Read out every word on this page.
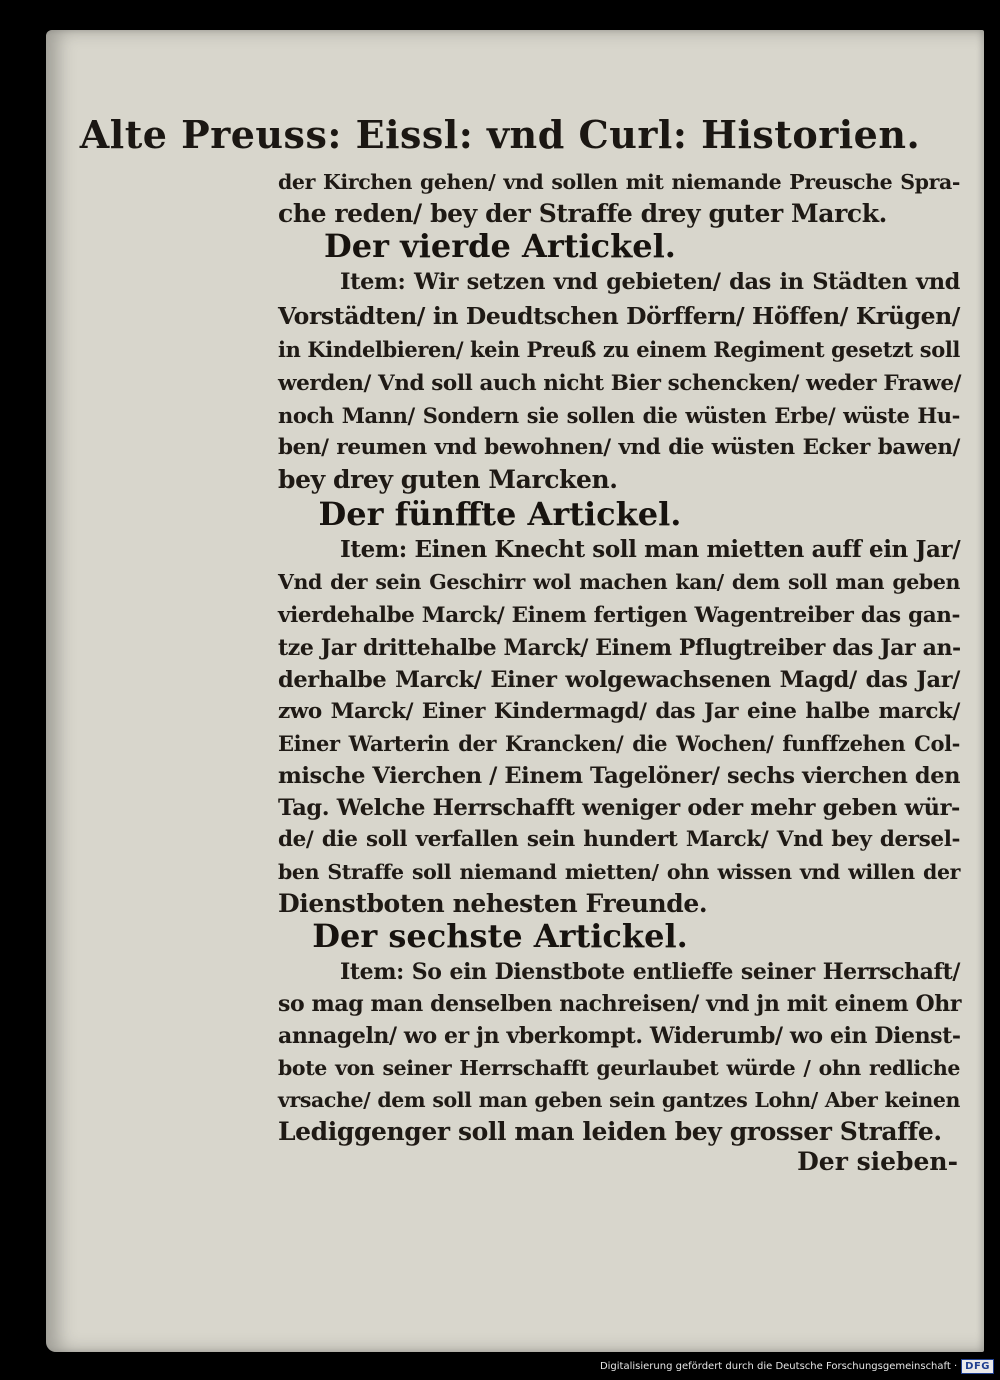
Alte Preuss: Eissl: vnd Curl: Historien.
der Kirchen gehen/ vnd sollen mit niemande Preusche Spra-
che reden/ bey der Straffe drey guter Marck.
Der vierde Artickel.
Item: Wir setzen vnd gebieten/ das in Städten vnd
Vorstädten/ in Deudtschen Dörffern/ Höffen/ Krügen/
in Kindelbieren/ kein Preuß zu einem Regiment gesetzt soll
werden/ Vnd soll auch nicht Bier schencken/ weder Frawe/
noch Mann/ Sondern sie sollen die wüsten Erbe/ wüste Hu-
ben/ reumen vnd bewohnen/ vnd die wüsten Ecker bawen/
bey drey guten Marcken.
Der fünffte Artickel.
Item: Einen Knecht soll man mietten auff ein Jar/
Vnd der sein Geschirr wol machen kan/ dem soll man geben
vierdehalbe Marck/ Einem fertigen Wagentreiber das gan-
tze Jar drittehalbe Marck/ Einem Pflugtreiber das Jar an-
derhalbe Marck/ Einer wolgewachsenen Magd/ das Jar/
zwo Marck/ Einer Kindermagd/ das Jar eine halbe marck/
Einer Warterin der Krancken/ die Wochen/ funffzehen Col-
mische Vierchen / Einem Tagelöner/ sechs vierchen den
Tag. Welche Herrschafft weniger oder mehr geben wür-
de/ die soll verfallen sein hundert Marck/ Vnd bey dersel-
ben Straffe soll niemand mietten/ ohn wissen vnd willen der
Dienstboten nehesten Freunde.
Der sechste Artickel.
Item: So ein Dienstbote entlieffe seiner Herrschaft/
so mag man denselben nachreisen/ vnd jn mit einem Ohr
annageln/ wo er jn vberkompt. Widerumb/ wo ein Dienst-
bote von seiner Herrschafft geurlaubet würde / ohn redliche
vrsache/ dem soll man geben sein gantzes Lohn/ Aber keinen
Lediggenger soll man leiden bey grosser Straffe.
Der sieben-
Digitalisierung gefördert durch die Deutsche Forschungsgemeinschaft · DFG
